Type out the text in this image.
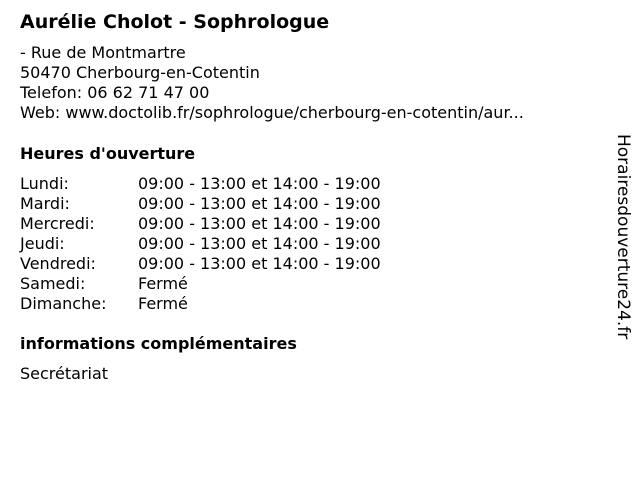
Aurélie Cholot - Sophrologue
- Rue de Montmartre
50470 Cherbourg-en-Cotentin
Telefon: 06 62 71 47 00
Web: www.doctolib.fr/sophrologue/cherbourg-en-cotentin/aur...
Heures d'ouverture
Lundi:	09:00 - 13:00 et 14:00 - 19:00
Mardi:	09:00 - 13:00 et 14:00 - 19:00
Mercredi:	09:00 - 13:00 et 14:00 - 19:00
Jeudi:	09:00 - 13:00 et 14:00 - 19:00
Vendredi:	09:00 - 13:00 et 14:00 - 19:00
Samedi:	Fermé
Dimanche:	Fermé
informations complémentaires
Secrétariat
Horairesdouverture24.fr
